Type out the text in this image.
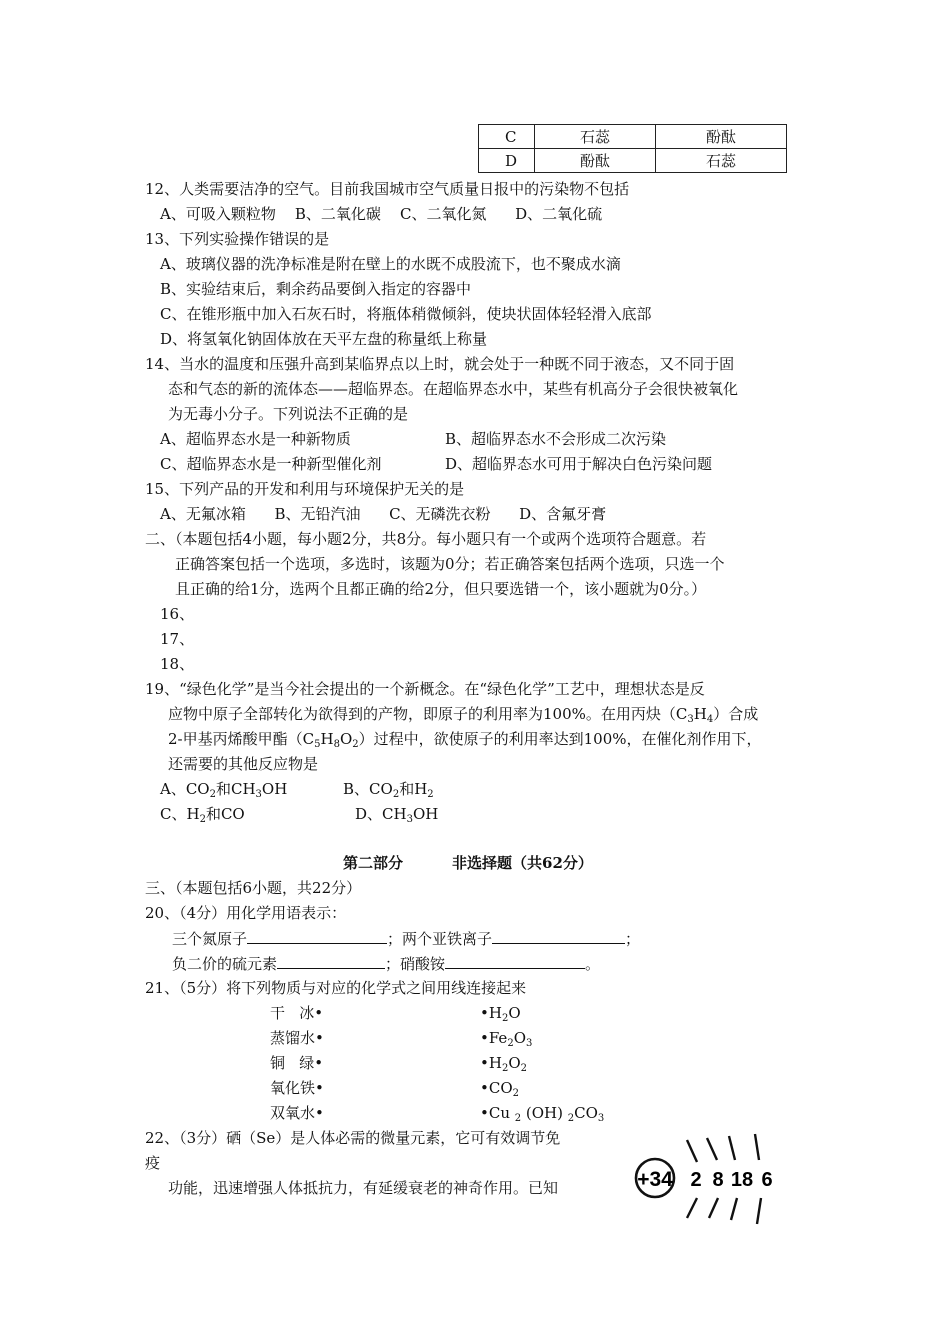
C	石蕊	酚酞
D	酚酞	石蕊
12、人类需要洁净的空气。目前我国城市空气质量日报中的污染物不包括
A、可吸入颗粒物    B、二氧化碳    C、二氧化氮      D、二氧化硫
13、下列实验操作错误的是
A、玻璃仪器的洗净标准是附在壁上的水既不成股流下，也不聚成水滴
B、实验结束后，剩余药品要倒入指定的容器中
C、在锥形瓶中加入石灰石时，将瓶体稍微倾斜，使块状固体轻轻滑入底部
D、将氢氧化钠固体放在天平左盘的称量纸上称量
14、当水的温度和压强升高到某临界点以上时，就会处于一种既不同于液态，又不同于固
态和气态的新的流体态——超临界态。在超临界态水中，某些有机高分子会很快被氧化
为无毒小分子。下列说法不正确的是
A、超临界态水是一种新物质	B、超临界态水不会形成二次污染
C、超临界态水是一种新型催化剂	D、超临界态水可用于解决白色污染问题
15、下列产品的开发和利用与环境保护无关的是
A、无氟冰箱      B、无铅汽油      C、无磷洗衣粉      D、含氟牙膏
二、（本题包括4小题，每小题2分，共8分。每小题只有一个或两个选项符合题意。若
正确答案包括一个选项，多选时，该题为0分；若正确答案包括两个选项，只选一个
且正确的给1分，选两个且都正确的给2分，但只要选错一个，该小题就为0分。）
16、
17、
18、
19、“绿色化学”是当今社会提出的一个新概念。在“绿色化学”工艺中，理想状态是反
应物中原子全部转化为欲得到的产物，即原子的利用率为100%。在用丙炔$(C_3H_4)$合成
2-甲基丙烯酸甲酯$(C_5H_8O_2)$过程中，欲使原子的利用率达到100%，在催化剂作用下，
还需要的其他反应物是
A、$CO_2$和$CH_3OH$	B、$CO_2$和$H_2$
C、$H_2$和CO	D、$CH_3OH$
第二部分	非选择题（共62分）
三、（本题包括6小题，共22分）
20、（4分）用化学用语表示：
三个氮原子	；两个亚铁离子	；
负二价的硫元素	；硝酸铵	。
21、（5分）将下列物质与对应的化学式之间用线连接起来
干   冰•
蒸馏水•
铜   绿•
氧化铁•
双氧水•
$•H_2O$
$•Fe_2O_3$
$•H_2O_2$
$•CO_2$
•Cu $_2$ (OH) $_2CO_3$
22、（3分）硒（Se）是人体必需的微量元素，它可有效调节免
疫
功能，迅速增强人体抵抗力，有延缓衰老的神奇作用。已知	+34 2 8 18 6
